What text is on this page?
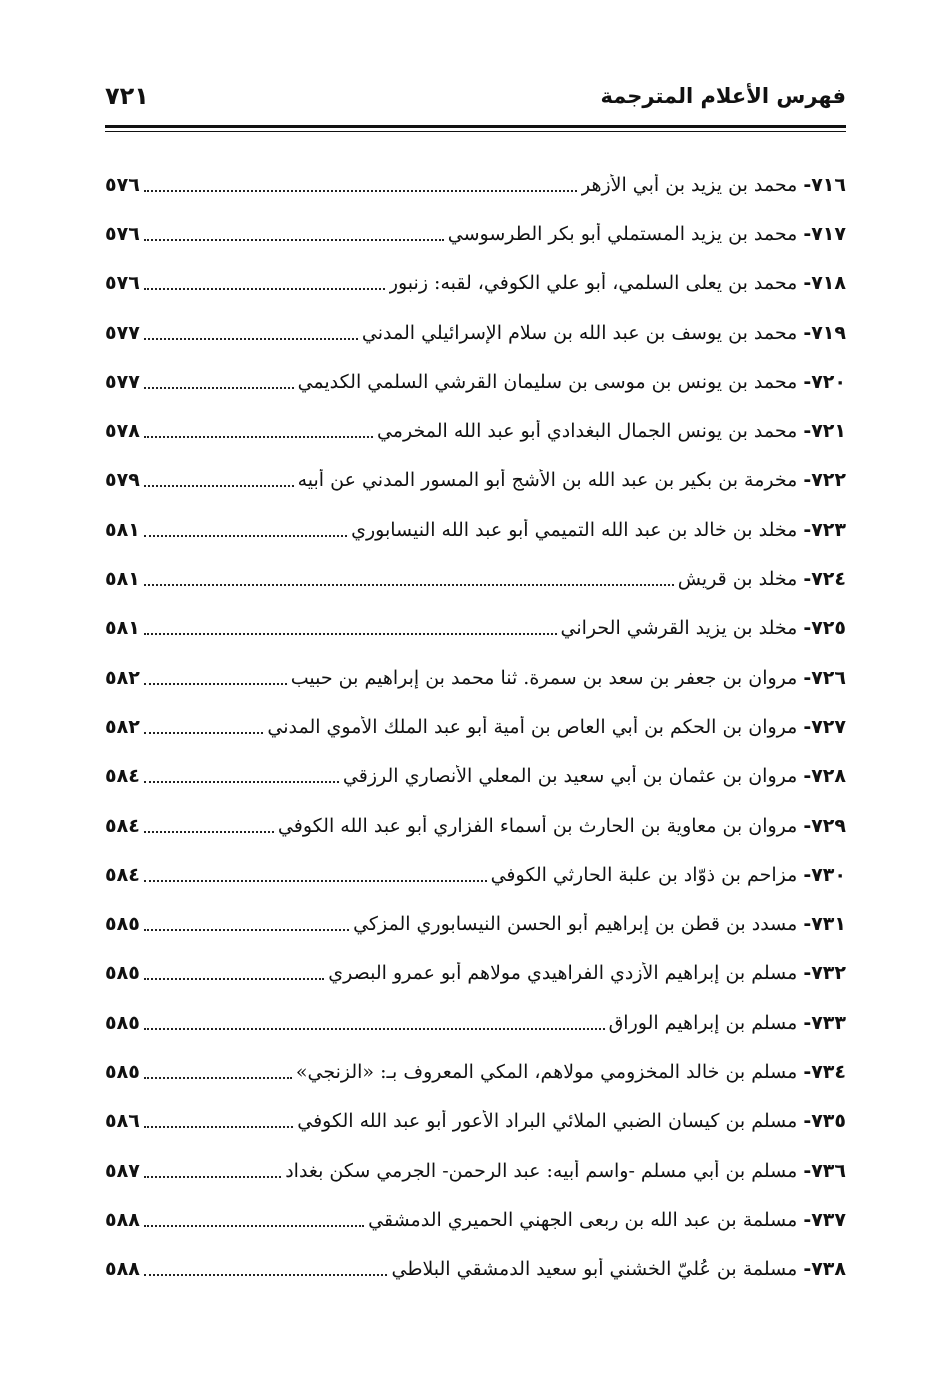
فهرس الأعلام المترجمة
٧٢١
٧١٦-
محمد بن يزيد بن أبي الأزهر
٥٧٦
٧١٧-
محمد بن يزيد المستملي أبو بكر الطرسوسي
٥٧٦
٧١٨-
محمد بن يعلى السلمي، أبو علي الكوفي، لقبه: زنبور
٥٧٦
٧١٩-
محمد بن يوسف بن عبد الله بن سلام الإسرائيلي المدني
٥٧٧
٧٢٠-
محمد بن يونس بن موسى بن سليمان القرشي السلمي الكديمي
٥٧٧
٧٢١-
محمد بن يونس الجمال البغدادي أبو عبد الله المخرمي
٥٧٨
٧٢٢-
مخرمة بن بكير بن عبد الله بن الأشج أبو المسور المدني عن أبيه
٥٧٩
٧٢٣-
مخلد بن خالد بن عبد الله التميمي أبو عبد الله النيسابوري
٥٨١
٧٢٤-
مخلد بن قريش
٥٨١
٧٢٥-
مخلد بن يزيد القرشي الحراني
٥٨١
٧٢٦-
مروان بن جعفر بن سعد بن سمرة. ثنا محمد بن إبراهيم بن حبيب
٥٨٢
٧٢٧-
مروان بن الحكم بن أبي العاص بن أمية أبو عبد الملك الأموي المدني
٥٨٢
٧٢٨-
مروان بن عثمان بن أبي سعيد بن المعلي الأنصاري الرزقي
٥٨٤
٧٢٩-
مروان بن معاوية بن الحارث بن أسماء الفزاري أبو عبد الله الكوفي
٥٨٤
٧٣٠-
مزاحم بن ذوّاد بن علبة الحارثي الكوفي
٥٨٤
٧٣١-
مسدد بن قطن بن إبراهيم أبو الحسن النيسابوري المزكي
٥٨٥
٧٣٢-
مسلم بن إبراهيم الأزدي الفراهيدي مولاهم أبو عمرو البصري
٥٨٥
٧٣٣-
مسلم بن إبراهيم الوراق
٥٨٥
٧٣٤-
مسلم بن خالد المخزومي مولاهم، المكي المعروف بـ: «الزنجي»
٥٨٥
٧٣٥-
مسلم بن كيسان الضبي الملائي البراد الأعور أبو عبد الله الكوفي
٥٨٦
٧٣٦-
مسلم بن أبي مسلم -واسم أبيه: عبد الرحمن- الجرمي سكن بغداد
٥٨٧
٧٣٧-
مسلمة بن عبد الله بن ربعى الجهني الحميري الدمشقي
٥٨٨
٧٣٨-
مسلمة بن عُليّ الخشني أبو سعيد الدمشقي البلاطي
٥٨٨
